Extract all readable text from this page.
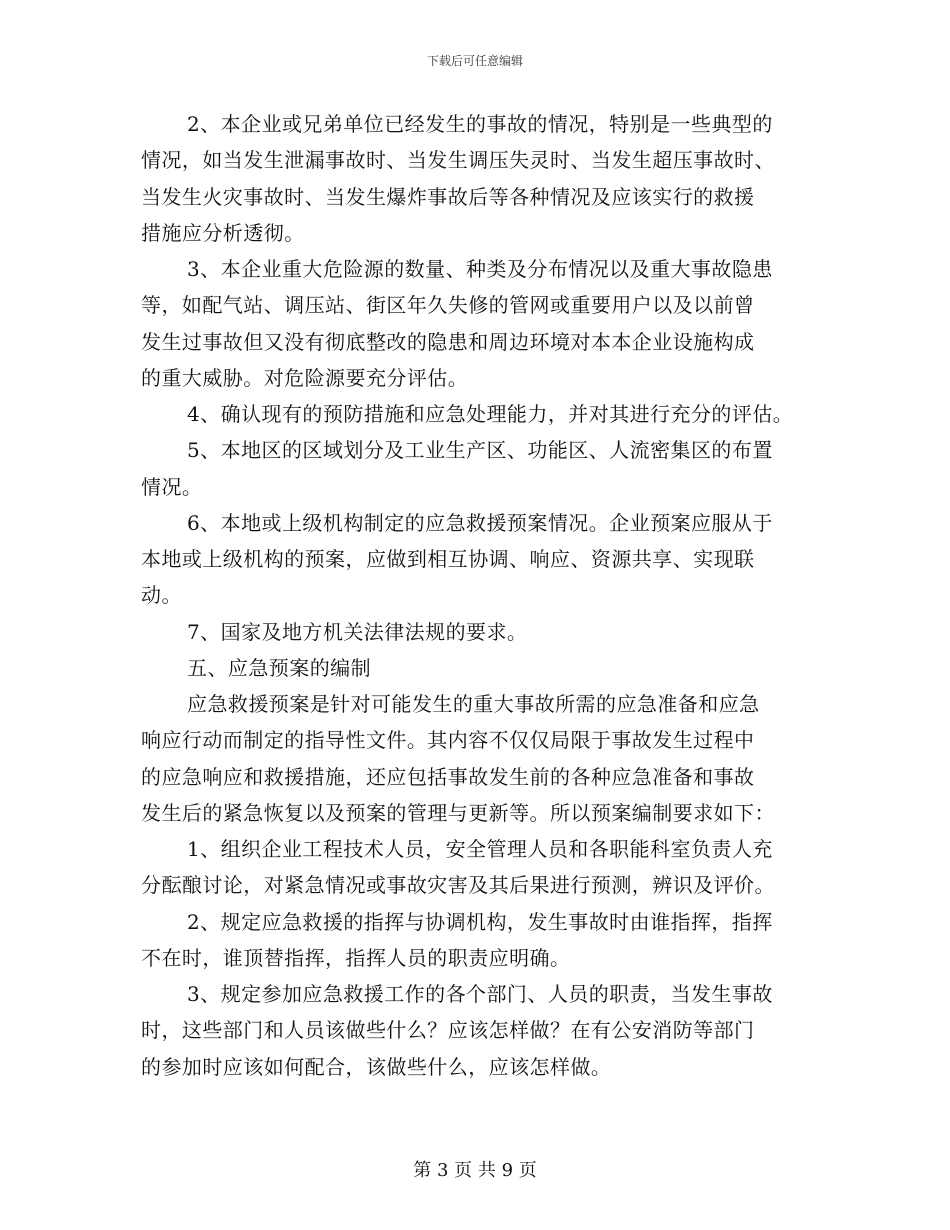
下载后可任意编辑
2、本企业或兄弟单位已经发生的事故的情况，特别是一些典型的
情况，如当发生泄漏事故时、当发生调压失灵时、当发生超压事故时、
当发生火灾事故时、当发生爆炸事故后等各种情况及应该实行的救援
措施应分析透彻。
3、本企业重大危险源的数量、种类及分布情况以及重大事故隐患
等，如配气站、调压站、街区年久失修的管网或重要用户以及以前曾
发生过事故但又没有彻底整改的隐患和周边环境对本本企业设施构成
的重大威胁。对危险源要充分评估。
4、确认现有的预防措施和应急处理能力，并对其进行充分的评估。
5、本地区的区域划分及工业生产区、功能区、人流密集区的布置
情况。
6、本地或上级机构制定的应急救援预案情况。企业预案应服从于
本地或上级机构的预案，应做到相互协调、响应、资源共享、实现联
动。
7、国家及地方机关法律法规的要求。
五、应急预案的编制
应急救援预案是针对可能发生的重大事故所需的应急准备和应急
响应行动而制定的指导性文件。其内容不仅仅局限于事故发生过程中
的应急响应和救援措施，还应包括事故发生前的各种应急准备和事故
发生后的紧急恢复以及预案的管理与更新等。所以预案编制要求如下：
1、组织企业工程技术人员，安全管理人员和各职能科室负责人充
分酝酿讨论，对紧急情况或事故灾害及其后果进行预测，辨识及评价。
2、规定应急救援的指挥与协调机构，发生事故时由谁指挥，指挥
不在时，谁顶替指挥，指挥人员的职责应明确。
3、规定参加应急救援工作的各个部门、人员的职责，当发生事故
时，这些部门和人员该做些什么？应该怎样做？在有公安消防等部门
的参加时应该如何配合，该做些什么，应该怎样做。
第 3 页 共 9 页
